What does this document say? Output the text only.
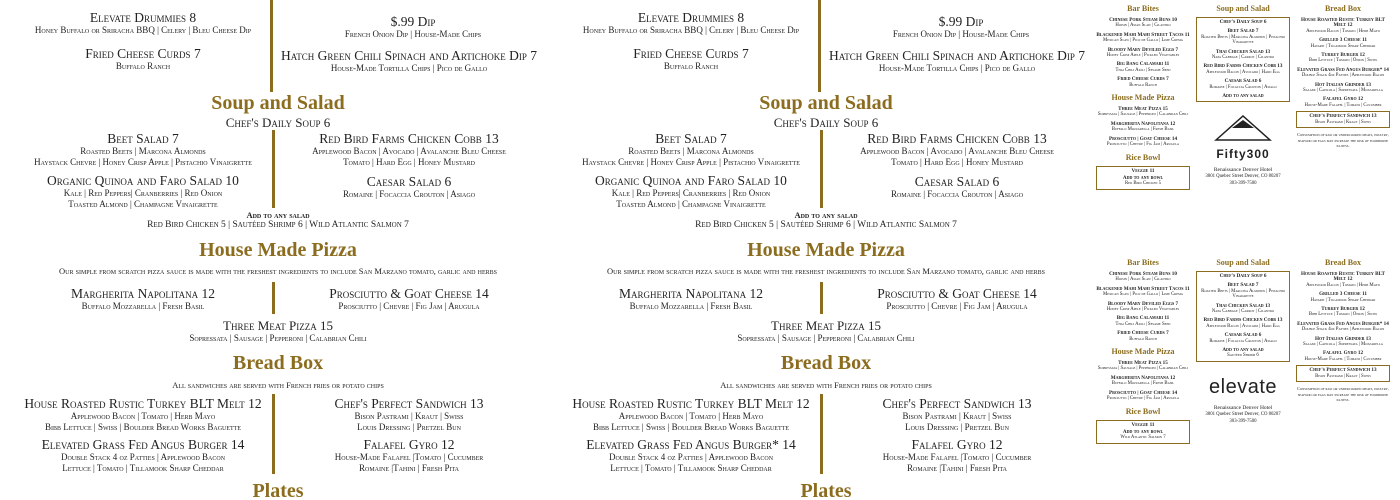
Elevate Drummies 8
Honey Buffalo or Sriracha BBQ | Celery | Bleu Cheese Dip
$.99 Dip
French Onion Dip | House-Made Chips
Fried Cheese Curds 7
Buffalo Ranch
Hatch Green Chili Spinach and Artichoke Dip 7
House-Made Tortilla Chips | Pico de Gallo
Soup and Salad
Chef's Daily Soup 6
Beet Salad 7
Roasted Beets | Marcona Almonds
Haystack Chevre | Honey Crisp Apple | Pistachio Vinaigrette
Red Bird Farms Chicken Cobb 13
Applewood Bacon | Avocado | Avalanche Bleu Cheese
Tomato | Hard Egg | Honey Mustard
Organic Quinoa and Faro Salad 10
Kale | Red Peppers| Cranberries | Red Onion
Toasted Almond | Champagne Vinaigrette
Caesar Salad 6
Romaine | Focaccia Crouton | Asiago
Add to any salad
Red Bird Chicken 5 | Sautéed Shrimp 6 | Wild Atlantic Salmon 7
House Made Pizza
Our simple from scratch pizza sauce is made with the freshest ingredients to include San Marzano tomato, garlic and herbs
Margherita Napolitana 12
Buffalo Mozzarella | Fresh Basil
Prosciutto & Goat Cheese 14
Prosciutto | Chevre | Fig Jam | Arugula
Three Meat Pizza 15
Sopressata | Sausage | Pepperoni | Calabrian Chili
Bread Box
All sandwiches are served with French fries or potato chips
House Roasted Rustic Turkey BLT Melt 12
Applewood Bacon | Tomato | Herb Mayo
Bibb Lettuce | Swiss | Boulder Bread Works Baguette
Chef's Perfect Sandwich 13
Bison Pastrami | Kraut | Swiss
Louis Dressing | Pretzel Bun
Elevated Grass Fed Angus Burger 14
Double Stack 4 oz Patties | Applewood Bacon
Lettuce | Tomato | Tillamook Sharp Cheddar
Falafel Gyro 12
House-Made Falafel |Tomato | Cucumber
Romaine |Tahini | Fresh Pita
Plates
Elevate Drummies 8
Honey Buffalo or Sriracha BBQ | Celery | Bleu Cheese Dip
$.99 Dip
French Onion Dip | House-Made Chips
Fried Cheese Curds 7
Buffalo Ranch
Hatch Green Chili Spinach and Artichoke Dip 7
House-Made Tortilla Chips | Pico de Gallo
Soup and Salad
Chef's Daily Soup 6
Beet Salad 7
Roasted Beets | Marcona Almonds
Haystack Chevre | Honey Crisp Apple | Pistachio Vinaigrette
Red Bird Farms Chicken Cobb 13
Applewood Bacon | Avocado | Avalanche Bleu Cheese
Tomato | Hard Egg | Honey Mustard
Organic Quinoa and Faro Salad 10
Kale | Red Peppers| Cranberries | Red Onion
Toasted Almond | Champagne Vinaigrette
Caesar Salad 6
Romaine | Focaccia Crouton | Asiago
Add to any salad
Red Bird Chicken 5 | Sautéed Shrimp 6 | Wild Atlantic Salmon 7
House Made Pizza
Our simple from scratch pizza sauce is made with the freshest ingredients to include San Marzano tomato, garlic and herbs
Margherita Napolitana 12
Buffalo Mozzarella | Fresh Basil
Prosciutto & Goat Cheese 14
Prosciutto | Chevre | Fig Jam | Arugula
Three Meat Pizza 15
Sopressata | Sausage | Pepperoni | Calabrian Chili
Bread Box
All sandwiches are served with French fries or potato chips
House Roasted Rustic Turkey BLT Melt 12
Applewood Bacon | Tomato | Herb Mayo
Bibb Lettuce | Swiss | Boulder Bread Works Baguette
Chef's Perfect Sandwich 13
Bison Pastrami | Kraut | Swiss
Louis Dressing | Pretzel Bun
Elevated Grass Fed Angus Burger* 14
Double Stack 4 oz Patties | Applewood Bacon
Lettuce | Tomato | Tillamook Sharp Cheddar
Falafel Gyro 12
House-Made Falafel |Tomato | Cucumber
Romaine |Tahini | Fresh Pita
Plates
Bar Bites
Chinese Pork Steam Buns 10
Hoisin | Asian Slaw | Cilantro
Blackened Mahi Mahi Street Tacos 11
Mexican Slaw | Pico de Gallo | Lime Crema
Bloody Mary Deviled Eggs 7
Honey Crisp Apple | Pickled Vegetables
Big Bang Calamari 11
Thai Chili Aioli | Sesame Seed
Fried Cheese Curds 7
Buffalo Ranch
House Made Pizza
Three Meat Pizza 15
Sopressata | Sausage | Pepperoni | Calabrian Chili
Margherita Napolitana 12
Buffalo Mozzarella | Fresh Basil
Prosciutto | Goat Cheese 14
Prosciutto | Chevre | Fig Jam | Arugula
Rice Bowl
Veggie 11
Add to any bowl
Red Bird Chicken 5
Soup and Salad
Chef's Daily Soup 6
Beet Salad 7
Roasted Beets | Marcona Almonds | Pistachio Vinaigrette
Thai Chicken Salad 13
Napa Cabbage | Carrot | Cilantro
Red Bird Farms Chicken Cobb 13
Applewood Bacon | Avocado | Hard Egg
Caesar Salad 6
Romaine | Focaccia Crouton | Asiago
Add to any salad
Fifty300
Renaissance Denver Hotel
3801 Quebec Street Denver, CO 80207
303-399-7500
Bread Box
House Roasted Rustic Turkey BLT Melt 12
Applewood Bacon | Tomato | Herb Mayo
Grilled 3 Cheese 11
Havarti | Tillamook Sharp Cheddar
Turkey Burger 12
Bibb Lettuce | Tomato | Onion | Swiss
Elevated Grass Fed Angus Burger* 14
Double Stack 4oz Patties | Applewood Bacon
Hot Italian Grinder 13
Salami | Capicola | Sopressata | Mozzarella
Falafel Gyro 12
House-Made Falafel | Tomato | Cucumber
Chef's Perfect Sandwich 13
Bison Pastrami | Kraut | Swiss
Consumption of raw or undercooked meats, poultry, seafood or eggs may increase the risk of foodborne illness.
Bar Bites
Chinese Pork Steam Buns 10
Hoisin | Asian Slaw | Cilantro
Blackened Mahi Mahi Street Tacos 11
Mexican Slaw | Pico de Gallo | Lime Crema
Bloody Mary Deviled Eggs 7
Honey Crisp Apple | Pickled Vegetables
Big Bang Calamari 11
Thai Chili Aioli | Sesame Seed
Fried Cheese Curds 7
Buffalo Ranch
House Made Pizza
Three Meat Pizza 15
Sopressata | Sausage | Pepperoni | Calabrian Chili
Margherita Napolitana 12
Buffalo Mozzarella | Fresh Basil
Prosciutto | Goat Cheese 14
Prosciutto | Chevre | Fig Jam | Arugula
Rice Bowl
Veggie 11
Add to any bowl
Wild Atlantic Salmon 7
Soup and Salad
Chef's Daily Soup 6
Beet Salad 7
Roasted Beets | Marcona Almonds | Pistachio Vinaigrette
Thai Chicken Salad 13
Napa Cabbage | Carrot | Cilantro
Red Bird Farms Chicken Cobb 13
Applewood Bacon | Avocado | Hard Egg
Caesar Salad 6
Romaine | Focaccia Crouton | Asiago
Add to any salad
Sautéed Shrimp 6
elevate
Renaissance Denver Hotel
3801 Quebec Street Denver, CO 80207
303-399-7500
Bread Box
House Roasted Rustic Turkey BLT Melt 12
Applewood Bacon | Tomato | Herb Mayo
Grilled 3 Cheese 11
Havarti | Tillamook Sharp Cheddar
Turkey Burger 12
Bibb Lettuce | Tomato | Onion | Swiss
Elevated Grass Fed Angus Burger* 14
Double Stack 4oz Patties | Applewood Bacon
Hot Italian Grinder 13
Salami | Capicola | Sopressata | Mozzarella
Falafel Gyro 12
House-Made Falafel | Tomato | Cucumber
Chef's Perfect Sandwich 13
Bison Pastrami | Kraut | Swiss
Consumption of raw or undercooked meats, poultry, seafood or eggs may increase the risk of foodborne illness.
